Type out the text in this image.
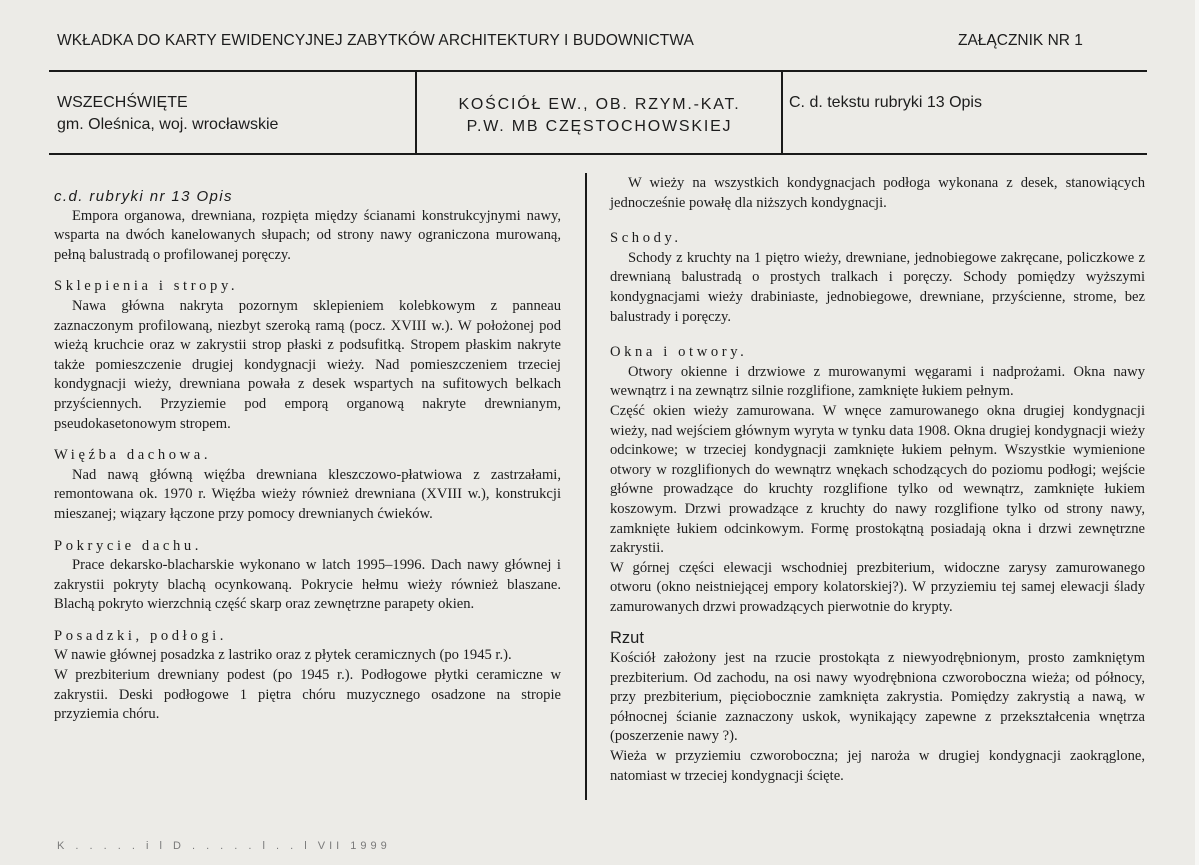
WKŁADKA DO KARTY EWIDENCYJNEJ ZABYTKÓW ARCHITEKTURY I BUDOWNICTWA	ZAŁĄCZNIK NR 1
WSZECHŚWIĘTE
gm. Oleśnica, woj. wrocławskie
KOŚCIÓŁ EW., OB. RZYM.-KAT.
P.W. MB CZĘSTOCHOWSKIEJ
C. d. tekstu rubryki 13 Opis

c.d. rubryki nr 13 Opis

Empora organowa, drewniana, rozpięta między ścianami konstrukcyjnymi nawy, wsparta na dwóch kanelowanych słupach; od strony nawy ograniczona murowaną, pełną balustradą o profilowanej poręczy.

Sklepienia i stropy.

Nawa główna nakryta pozornym sklepieniem kolebkowym z panneau zaznaczonym profilowaną, niezbyt szeroką ramą (pocz. XVIII w.). W położonej pod wieżą kruchcie oraz w zakrystii strop płaski z podsufitką. Stropem płaskim nakryte także pomieszczenie drugiej kondygnacji wieży. Nad pomieszczeniem trzeciej kondygnacji wieży, drewniana powała z desek wspartych na sufitowych belkach przyściennych. Przyziemie pod emporą organową nakryte drewnianym, pseudokasetonowym stropem.

Więźba dachowa.

Nad nawą główną więźba drewniana kleszczowo-płatwiowa z zastrzałami, remontowana ok. 1970 r. Więźba wieży również drewniana (XVIII w.), konstrukcji mieszanej; wiązary łączone przy pomocy drewnianych ćwieków.

Pokrycie dachu.

Prace dekarsko-blacharskie wykonano w latch 1995–1996. Dach nawy głównej i zakrystii pokryty blachą ocynkowaną. Pokrycie hełmu wieży również blaszane. Blachą pokryto wierzchnią część skarp oraz zewnętrzne parapety okien.

Posadzki, podłogi.

W nawie głównej posadzka z lastriko oraz z płytek ceramicznych (po 1945 r.).

W prezbiterium drewniany podest (po 1945 r.). Podłogowe płytki ceramiczne w zakrystii. Deski podłogowe 1 piętra chóru muzycznego osadzone na stropie przyziemia chóru.

W wieży na wszystkich kondygnacjach podłoga wykonana z desek, stanowiących jednocześnie powałę dla niższych kondygnacji.

Schody.

Schody z kruchty na 1 piętro wieży, drewniane, jednobiegowe zakręcane, policzkowe z drewnianą balustradą o prostych tralkach i poręczy. Schody pomiędzy wyższymi kondygnacjami wieży drabiniaste, jednobiegowe, drewniane, przyścienne, strome, bez balustrady i poręczy.

Okna i otwory.

Otwory okienne i drzwiowe z murowanymi węgarami i nadprożami. Okna nawy wewnątrz i na zewnątrz silnie rozglifione, zamknięte łukiem pełnym.

Część okien wieży zamurowana. W wnęce zamurowanego okna drugiej kondygnacji wieży, nad wejściem głównym wyryta w tynku data 1908. Okna drugiej kondygnacji wieży odcinkowe; w trzeciej kondygnacji zamknięte łukiem pełnym. Wszystkie wymienione otwory w rozglifionych do wewnątrz wnękach schodzących do poziomu podłogi; wejście główne prowadzące do kruchty rozglifione tylko od wewnątrz, zamknięte łukiem koszowym. Drzwi prowadzące z kruchty do nawy rozglifione tylko od strony nawy, zamknięte łukiem odcinkowym. Formę prostokątną posiadają okna i drzwi zewnętrzne zakrystii.

W górnej części elewacji wschodniej prezbiterium, widoczne zarysy zamurowanego otworu (okno neistniejącej empory kolatorskiej?). W przyziemiu tej samej elewacji ślady zamurowanych drzwi prowadzących pierwotnie do krypty.

Rzut

Kościół założony jest na rzucie prostokąta z niewyodrębnionym, prosto zamkniętym prezbiterium. Od zachodu, na osi nawy wyodrębniona czworoboczna wieża; od północy, przy prezbiterium, pięciobocznie zamknięta zakrystia. Pomiędzy zakrystią a nawą, w północnej ścianie zaznaczony uskok, wynikający zapewne z przekształcenia wnętrza (poszerzenie nawy ?).

Wieża w przyziemiu czworoboczna; jej naroża w drugiej kondygnacji zaokrąglone, natomiast w trzeciej kondygnacji ścięte.

K . . . . . i l D . . . . . l . . l VII 1999
